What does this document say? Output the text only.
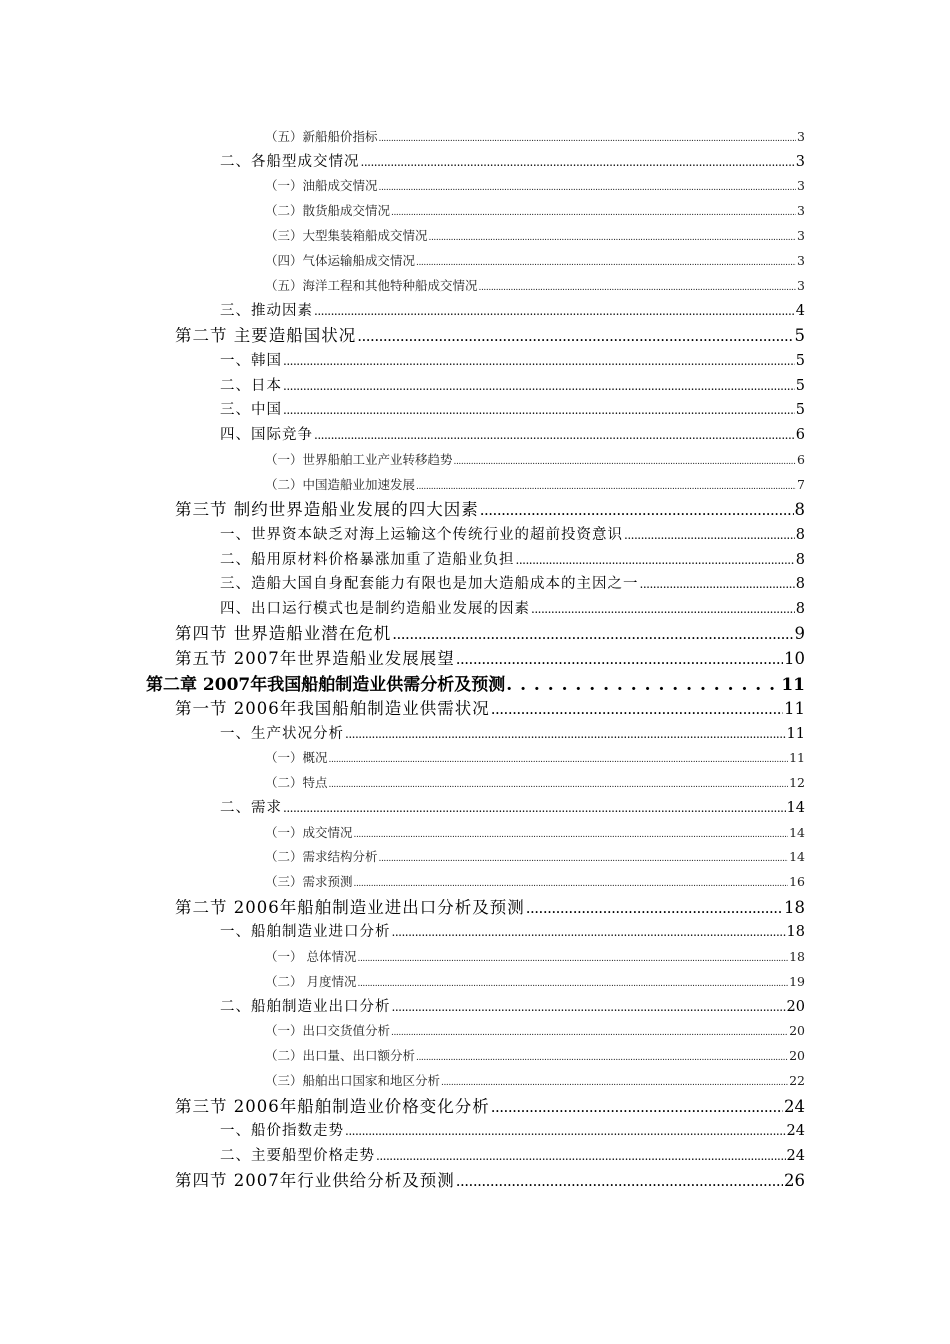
（五）新船船价指标 .....	3
二、各船型成交情况 .....	3
（一）油船成交情况 .....	3
（二）散货船成交情况 .....	3
（三）大型集装箱船成交情况 .....	3
（四）气体运输船成交情况 .....	3
（五）海洋工程和其他特种船成交情况 .....	3
三、推动因素 .....	4
第二节 主要造船国状况 .....	5
一、韩国 .....	5
二、日本 .....	5
三、中国 .....	5
四、国际竞争 .....	6
（一）世界船舶工业产业转移趋势 .....	6
（二）中国造船业加速发展 .....	7
第三节 制约世界造船业发展的四大因素 .....	8
一、世界资本缺乏对海上运输这个传统行业的超前投资意识 .....	8
二、船用原材料价格暴涨加重了造船业负担 .....	8
三、造船大国自身配套能力有限也是加大造船成本的主因之一 .....	8
四、出口运行模式也是制约造船业发展的因素 .....	8
第四节 世界造船业潜在危机 .....	9
第五节 2007年世界造船业发展展望 .....	10
第二章 2007年我国船舶制造业供需分析及预测 . . .	11
第一节 2006年我国船舶制造业供需状况 .....	11
一、生产状况分析 .....	11
（一）概况 .....	11
（二）特点 .....	12
二、需求 .....	14
（一）成交情况 .....	14
（二）需求结构分析 .....	14
（三）需求预测 .....	16
第二节 2006年船舶制造业进出口分析及预测 .....	18
一、船舶制造业进口分析 .....	18
（一） 总体情况 .....	18
（二） 月度情况 .....	19
二、船舶制造业出口分析 .....	20
（一）出口交货值分析 .....	20
（二）出口量、出口额分析 .....	20
（三）船舶出口国家和地区分析 .....	22
第三节 2006年船舶制造业价格变化分析 .....	24
一、船价指数走势 .....	24
二、主要船型价格走势 .....	24
第四节 2007年行业供给分析及预测 .....	26
